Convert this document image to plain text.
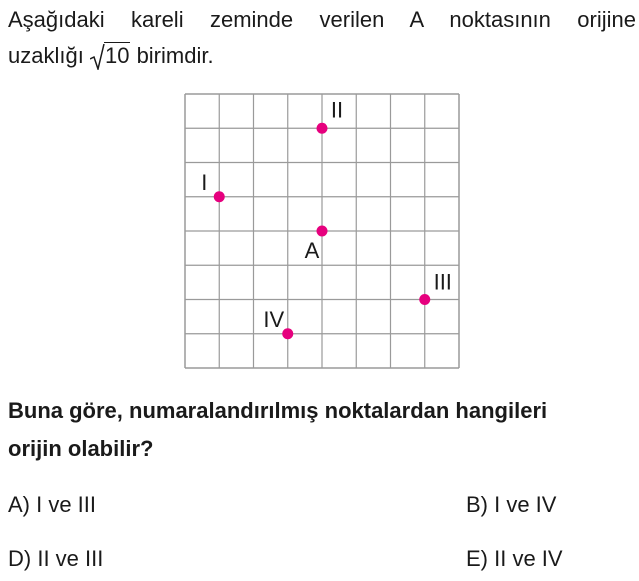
Aşağıdaki kareli zeminde verilen A noktasının orijine
uzaklığı 10 birimdir.
I
II
A
III
IV
Buna göre, numaralandırılmış noktalardan hangileri
orijin olabilir?
A) I ve III	B) I ve IV
D) II ve III	E) II ve IV
